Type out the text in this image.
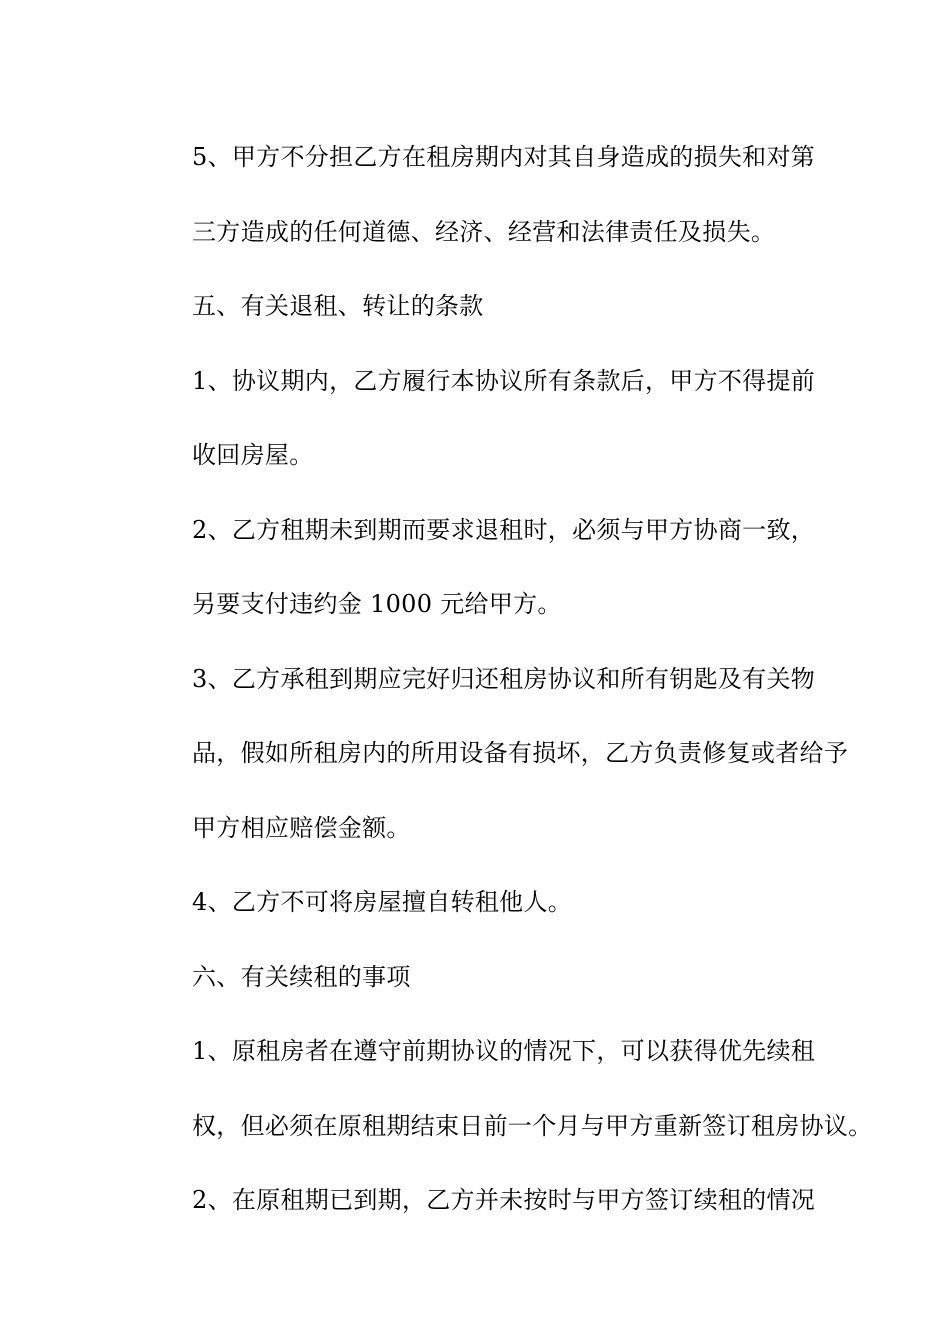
5、甲方不分担乙方在租房期内对其自身造成的损失和对第
三方造成的任何道德、经济、经营和法律责任及损失。

五、有关退租、转让的条款

1、协议期内，乙方履行本协议所有条款后，甲方不得提前
收回房屋。

2、乙方租期未到期而要求退租时，必须与甲方协商一致，
另要支付违约金 1000 元给甲方。

3、乙方承租到期应完好归还租房协议和所有钥匙及有关物
品，假如所租房内的所用设备有损坏，乙方负责修复或者给予
甲方相应赔偿金额。

4、乙方不可将房屋擅自转租他人。

六、有关续租的事项

1、原租房者在遵守前期协议的情况下，可以获得优先续租
权，但必须在原租期结束日前一个月与甲方重新签订租房协议。

2、在原租期已到期，乙方并未按时与甲方签订续租的情况
